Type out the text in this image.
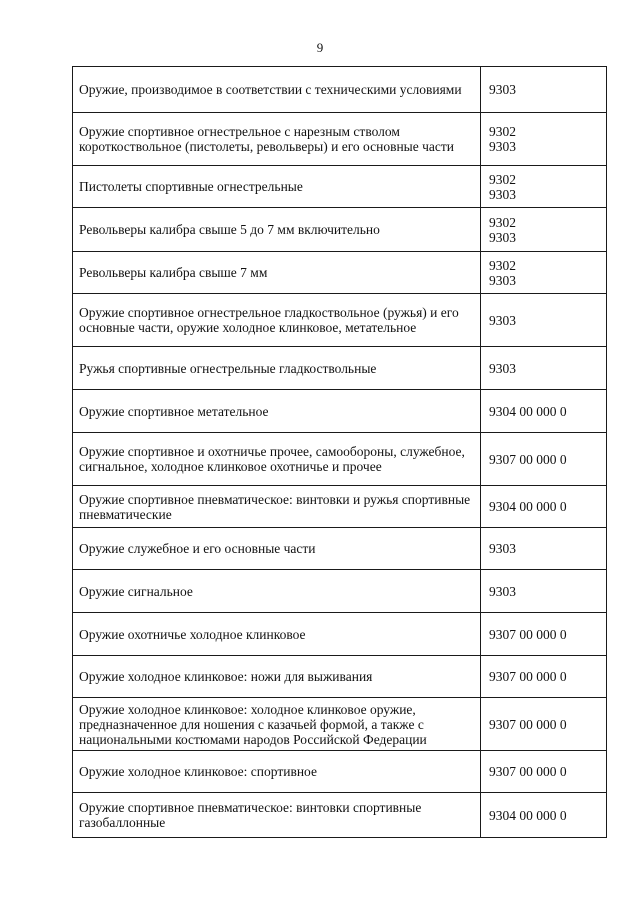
9
Оружие, производимое в соответствии с техническими условиями	9303
Оружие спортивное огнестрельное с нарезным стволом короткоствольное (пистолеты, револьверы) и его основные части	9302
9303
Пистолеты спортивные огнестрельные	9302
9303
Револьверы калибра свыше 5 до 7 мм включительно	9302
9303
Револьверы калибра свыше 7 мм	9302
9303
Оружие спортивное огнестрельное гладкоствольное (ружья) и его основные части, оружие холодное клинковое, метательное	9303
Ружья спортивные огнестрельные гладкоствольные	9303
Оружие спортивное метательное	9304 00 000 0
Оружие спортивное и охотничье прочее, самообороны, служебное, сигнальное, холодное клинковое охотничье и прочее	9307 00 000 0
Оружие спортивное пневматическое: винтовки и ружья спортивные пневматические	9304 00 000 0
Оружие служебное и его основные части	9303
Оружие сигнальное	9303
Оружие охотничье холодное клинковое	9307 00 000 0
Оружие холодное клинковое: ножи для выживания	9307 00 000 0
Оружие холодное клинковое: холодное клинковое оружие, предназначенное для ношения с казачьей формой, а также с национальными костюмами народов Российской Федерации	9307 00 000 0
Оружие холодное клинковое: спортивное	9307 00 000 0
Оружие спортивное пневматическое: винтовки спортивные газобаллонные	9304 00 000 0
